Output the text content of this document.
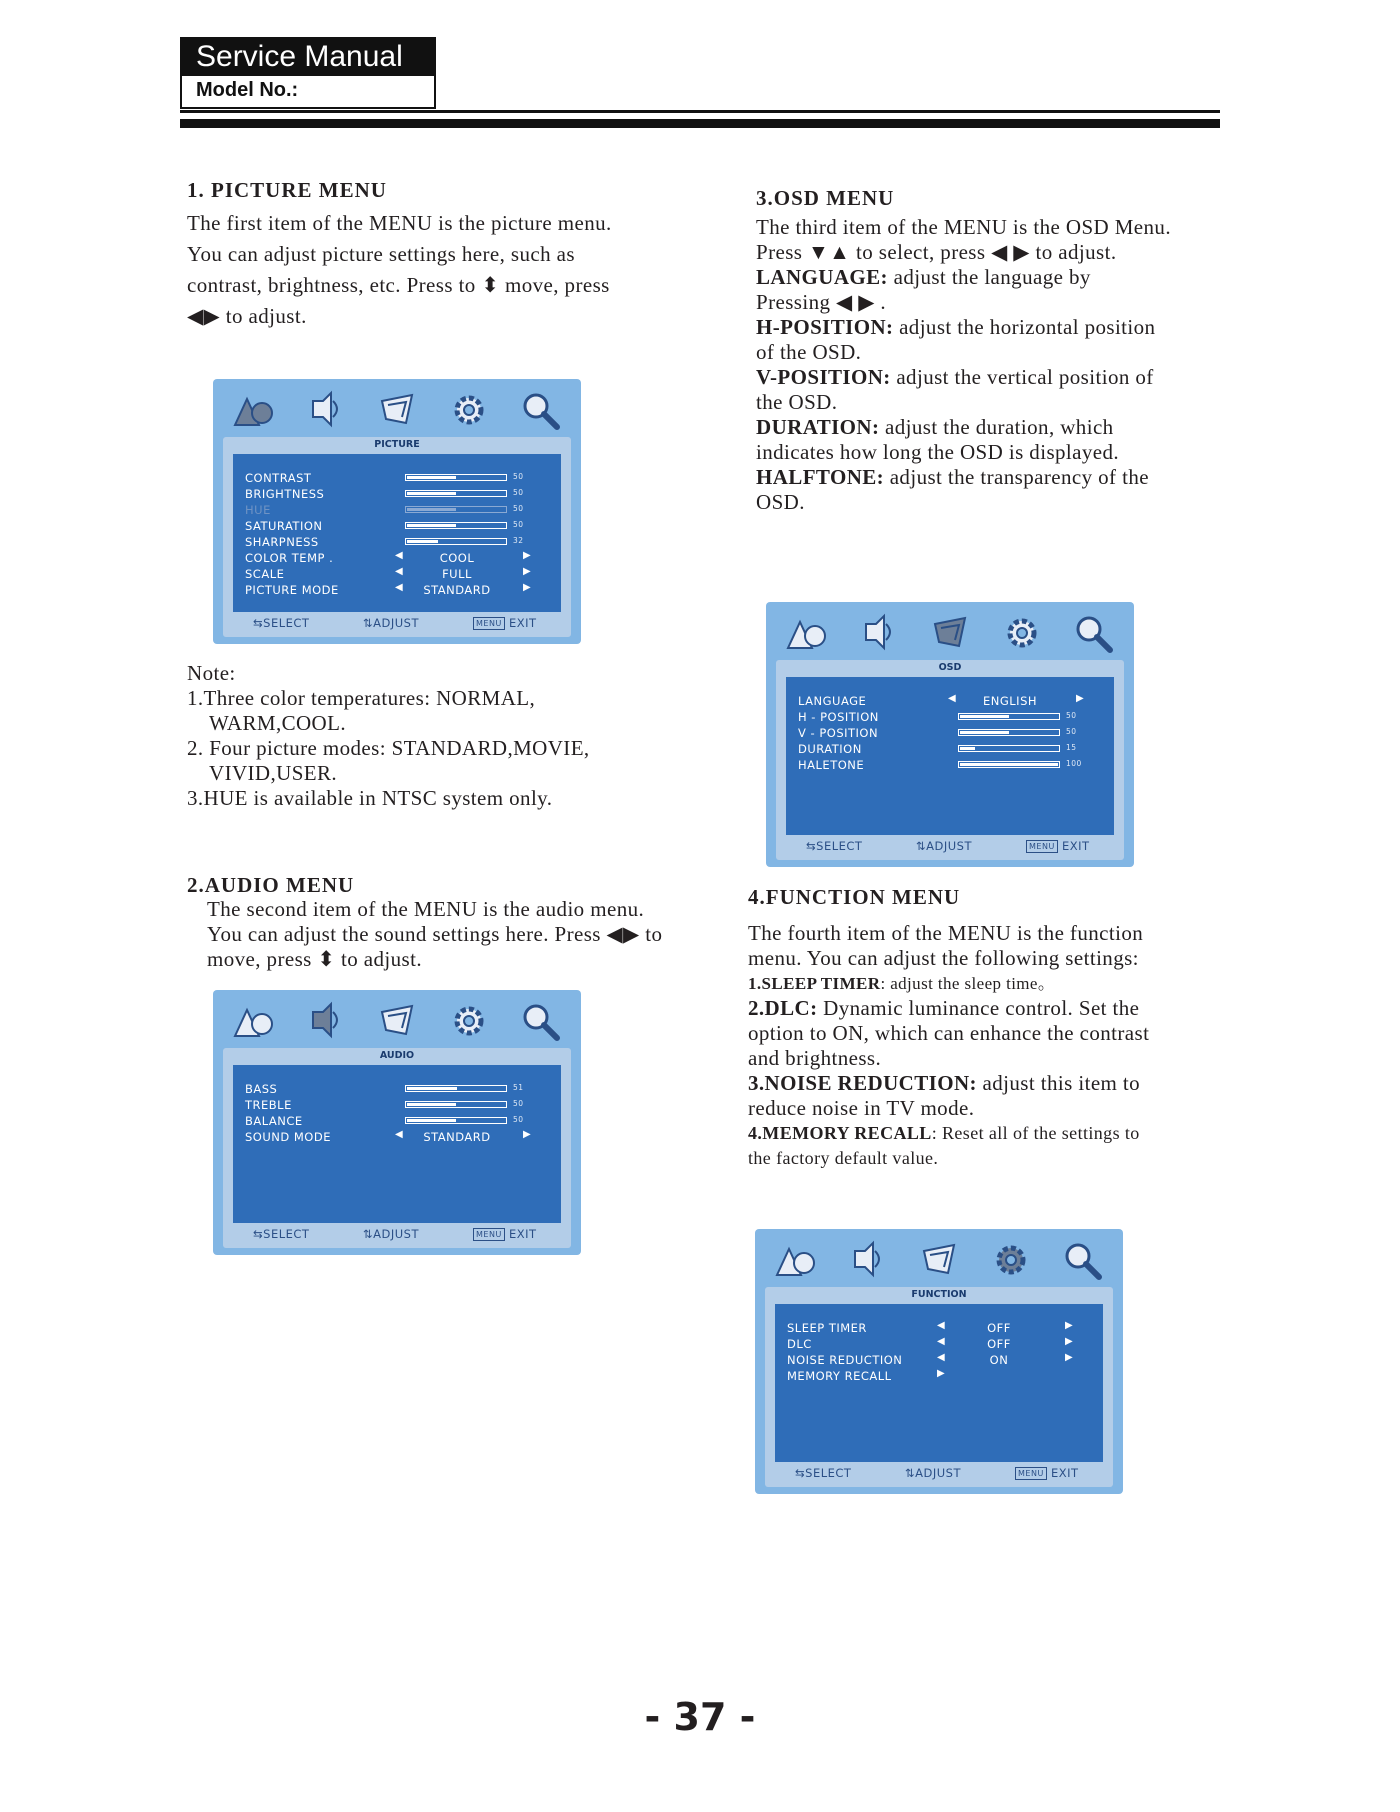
Service Manual
Model No.:
1. PICTURE MENU

The first item of the MENU is the picture menu.

You can adjust picture settings here, such as

contrast, brightness, etc. Press to ⬍ move, press

◀▶ to adjust.

Note:

1.Three color temperatures: NORMAL,

WARM,COOL.

2. Four picture modes: STANDARD,MOVIE,

VIVID,USER.

3.HUE is available in NTSC system only.

2.AUDIO MENU

The second item of the MENU is the audio menu.

You can adjust the sound settings here. Press ◀▶ to

move, press ⬍ to adjust.

3.OSD MENU

The third item of the MENU is the OSD Menu.

Press ▼▲ to select, press ◀ ▶ to adjust.

LANGUAGE: adjust the language by

Pressing ◀ ▶ .

H-POSITION: adjust the horizontal position

of the OSD.

V-POSITION: adjust the vertical position of

the OSD.

DURATION: adjust the duration, which

indicates how long the OSD is displayed.

HALFTONE: adjust the transparency of the

OSD.

4.FUNCTION MENU

The fourth item of the MENU is the function

menu. You can adjust the following settings:

1.SLEEP TIMER: adjust the sleep time。

2.DLC: Dynamic luminance control. Set the

option to ON, which can enhance the contrast

and brightness.

3.NOISE REDUCTION: adjust this item to

reduce noise in TV mode.

4.MEMORY RECALL: Reset all of the settings to

the factory default value.

PICTURE
CONTRAST	50
BRIGHTNESS	50
HUE	50
SATURATION	50
SHARPNESS	32
COLOR TEMP .	◀	COOL	▶
SCALE	◀	FULL	▶
PICTURE MODE	◀	STANDARD	▶
⇆SELECT	⇅ADJUST	MENU EXIT
AUDIO
BASS	51
TREBLE	50
BALANCE	50
SOUND MODE	◀	STANDARD	▶
⇆SELECT	⇅ADJUST	MENU EXIT
OSD
LANGUAGE	◀	ENGLISH	▶
H - POSITION	50
V - POSITION	50
DURATION	15
HALETONE	100
⇆SELECT	⇅ADJUST	MENU EXIT
FUNCTION
SLEEP TIMER	◀	OFF	▶
DLC	◀	OFF	▶
NOISE REDUCTION	◀	ON	▶
MEMORY RECALL	▶
⇆SELECT	⇅ADJUST	MENU EXIT
- 37 -
